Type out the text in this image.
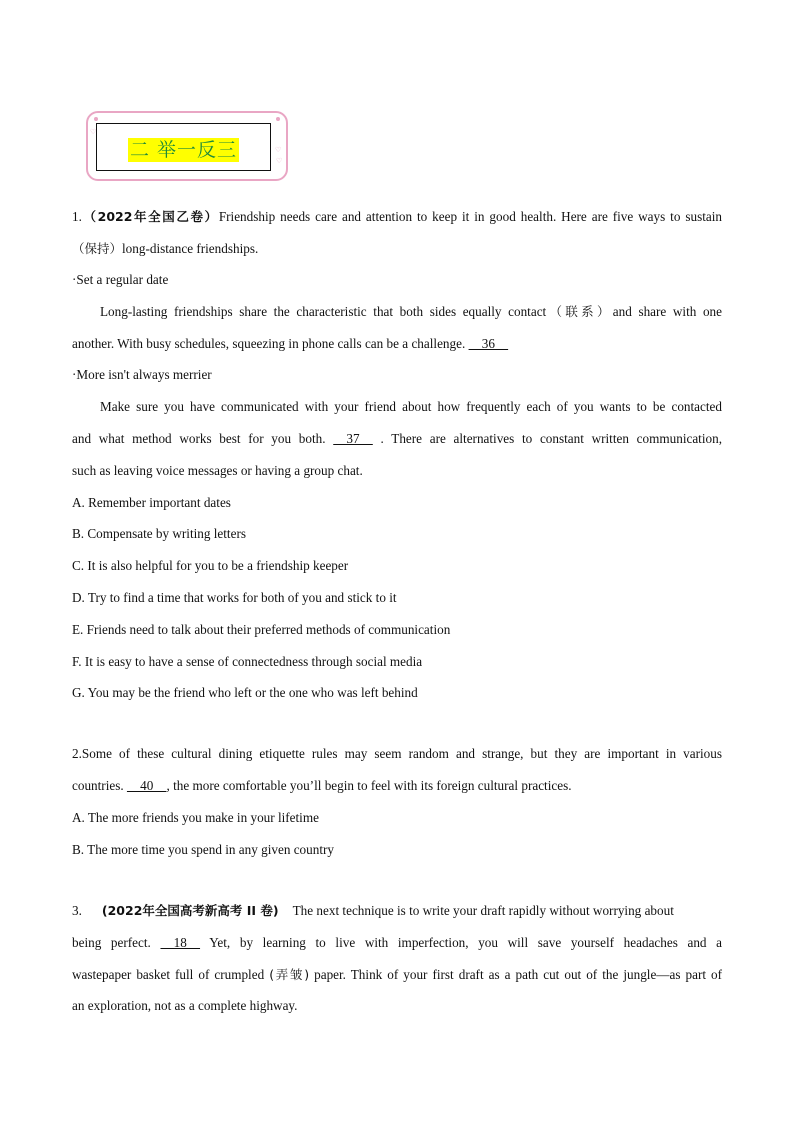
♡
♡
♡
二 举一反三
1.（2022年全国乙卷）Friendship needs care and attention to keep it in good health. Here are five ways to sustain
（保持）long-distance friendships.
·Set a regular date
Long-lasting friendships share the characteristic that both sides equally contact（联系）and share with one
another. With busy schedules, squeezing in phone calls can be a challenge.     36
·More isn't always merrier
Make sure you have communicated with your friend about how frequently each of you wants to be contacted
and what method works best for you both.     37     . There are alternatives to constant written communication,
such as leaving voice messages or having a group chat.
A. Remember important dates
B. Compensate by writing letters
C. It is also helpful for you to be a friendship keeper
D. Try to find a time that works for both of you and stick to it
E. Friends need to talk about their preferred methods of communication
F. It is easy to have a sense of connectedness through social media
G. You may be the friend who left or the one who was left behind
2.Some of these cultural dining etiquette rules may seem random and strange, but they are important in various
countries.     40    , the more comfortable you’ll begin to feel with its foreign cultural practices.
A. The more friends you make in your lifetime
B. The more time you spend in any given country
3. (2022年全国高考新高考 II 卷) The next technique is to write your draft rapidly without worrying about
being perfect.     18     Yet, by learning to live with imperfection, you will save yourself headaches and a
wastepaper basket full of crumpled (弄皱) paper. Think of your first draft as a path cut out of the jungle—as part of
an exploration, not as a complete highway.
